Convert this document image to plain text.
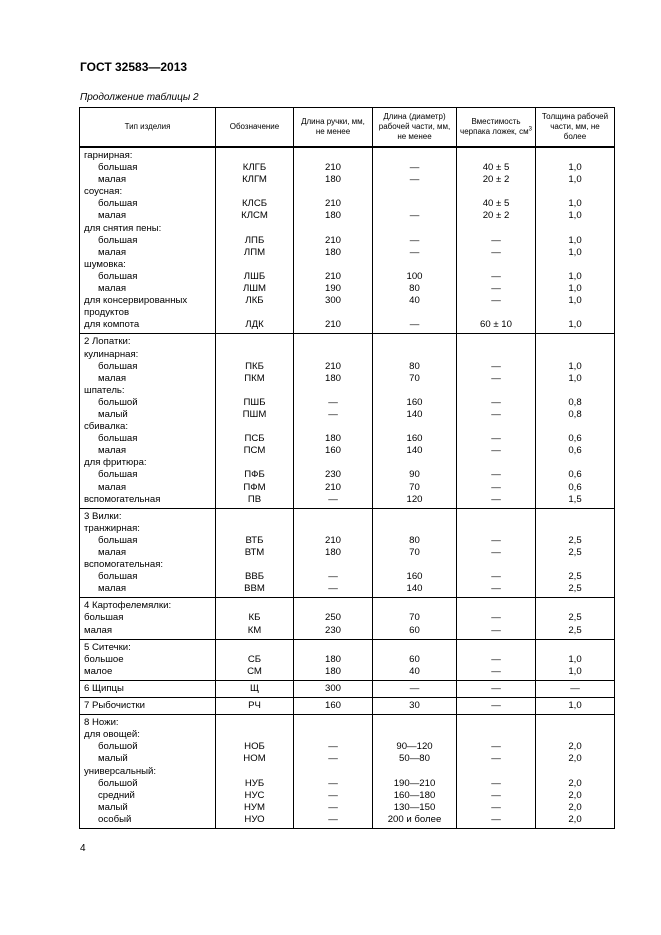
ГОСТ 32583—2013
Продолжение таблицы 2
Тип изделия	Обозначение	Длина ручки, мм, не менее	Длина (диаметр) рабочей части, мм, не менее	Вместимость черпака ложек, $см^3$	Толщина рабочей части, мм, не более
гарнирная:					
большая	КЛГБ	210	—	40 ± 5	1,0
малая	КЛГМ	180	—	20 ± 2	1,0
соусная:					
большая	КЛСБ	210		40 ± 5	1,0
малая	КЛСМ	180	—	20 ± 2	1,0
для снятия пены:					
большая	ЛПБ	210	—	—	1,0
малая	ЛПМ	180	—	—	1,0
шумовка:					
большая	ЛШБ	210	100	—	1,0
малая	ЛШМ	190	80	—	1,0
для консервированных	ЛКБ	300	40	—	1,0
продуктов					
для компота	ЛДК	210	—	60 ± 10	1,0
2 Лопатки:					
кулинарная:					
большая	ПКБ	210	80	—	1,0
малая	ПКМ	180	70	—	1,0
шпатель:					
большой	ПШБ	—	160	—	0,8
малый	ПШМ	—	140	—	0,8
сбивалка:					
большая	ПСБ	180	160	—	0,6
малая	ПСМ	160	140	—	0,6
для фритюра:					
большая	ПФБ	230	90	—	0,6
малая	ПФМ	210	70	—	0,6
вспомогательная	ПВ	—	120	—	1,5
3 Вилки:					
транжирная:					
большая	ВТБ	210	80	—	2,5
малая	ВТМ	180	70	—	2,5
вспомогательная:					
большая	ВВБ	—	160	—	2,5
малая	ВВМ	—	140	—	2,5
4 Картофелемялки:					
большая	КБ	250	70	—	2,5
малая	КМ	230	60	—	2,5
5 Ситечки:					
большое	СБ	180	60	—	1,0
малое	СМ	180	40	—	1,0
6 Щипцы	Щ	300	—	—	—
7 Рыбочистки	РЧ	160	30	—	1,0
8 Ножи:					
для овощей:					
большой	НОБ	—	90—120	—	2,0
малый	НОМ	—	50—80	—	2,0
универсальный:					
большой	НУБ	—	190—210	—	2,0
средний	НУС	—	160—180	—	2,0
малый	НУМ	—	130—150	—	2,0
особый	НУО	—	200 и более	—	2,0
4
